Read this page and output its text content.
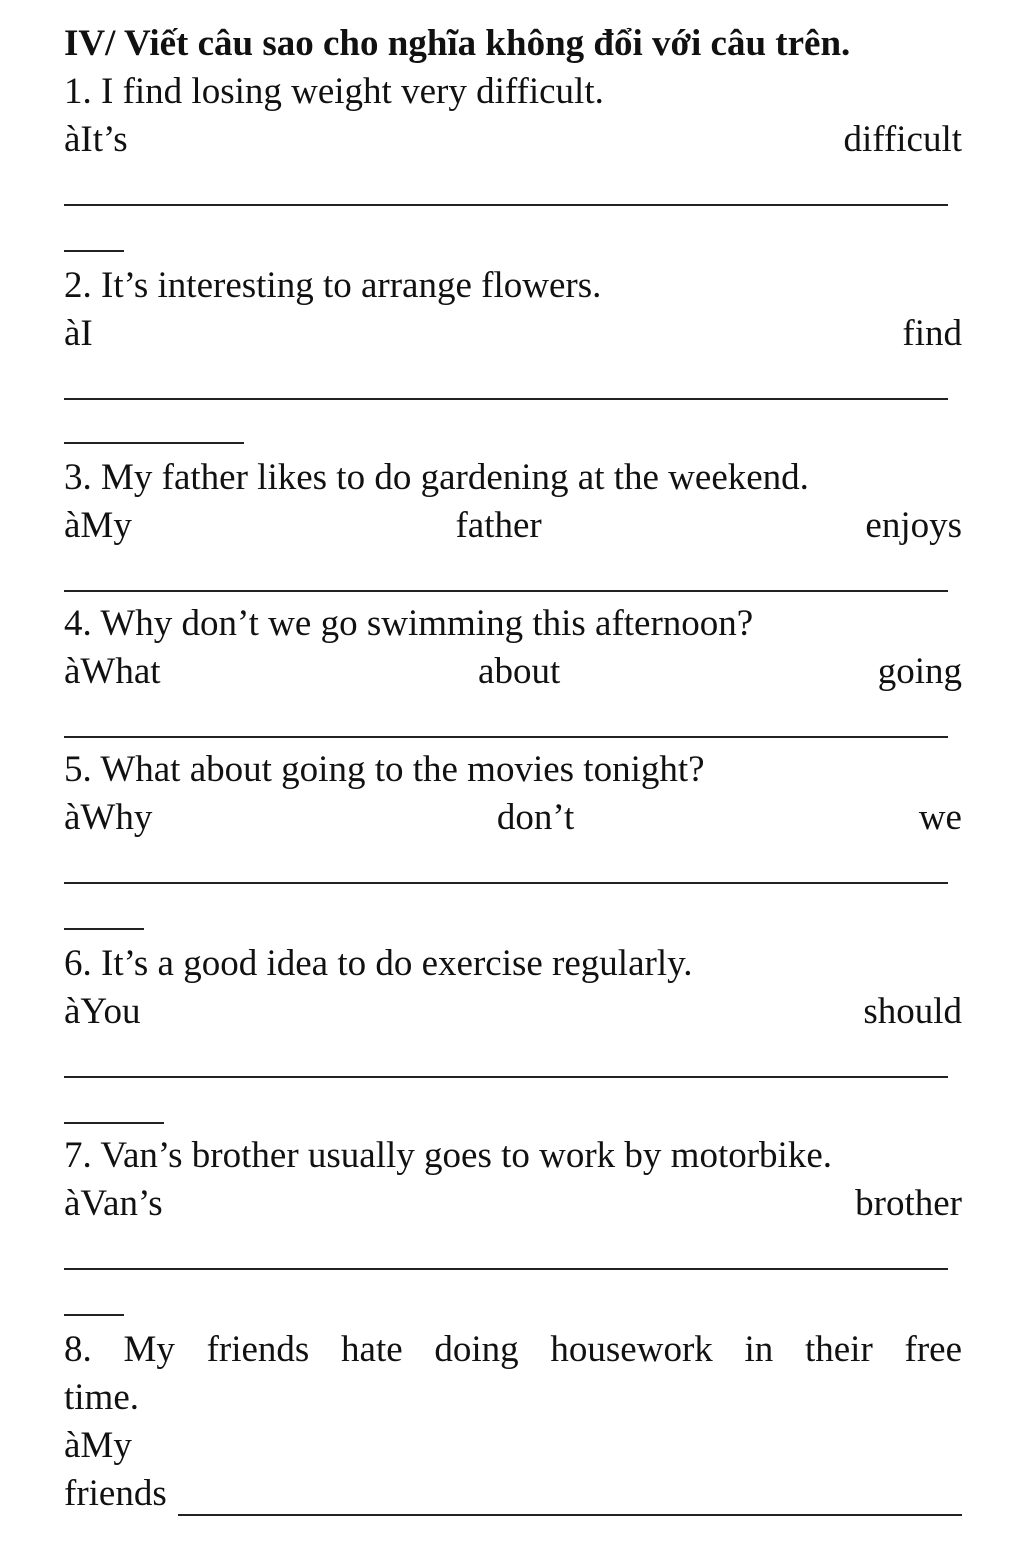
IV/ Viết câu sao cho nghĩa không đổi với câu trên.
1. I find losing weight very difficult.
àIt’s	difficult
2. It’s interesting to arrange flowers.
àI	find
3. My father likes to do gardening at the weekend.
àMy	father	enjoys
4. Why don’t we go swimming this afternoon?
àWhat	about	going
5. What about going to the movies tonight?
àWhy	don’t	we
6. It’s a good idea to do exercise regularly.
àYou	should
7. Van’s brother usually goes to work by motorbike.
àVan’s	brother
8. My friends hate doing housework in their free
time.
àMy
friends
